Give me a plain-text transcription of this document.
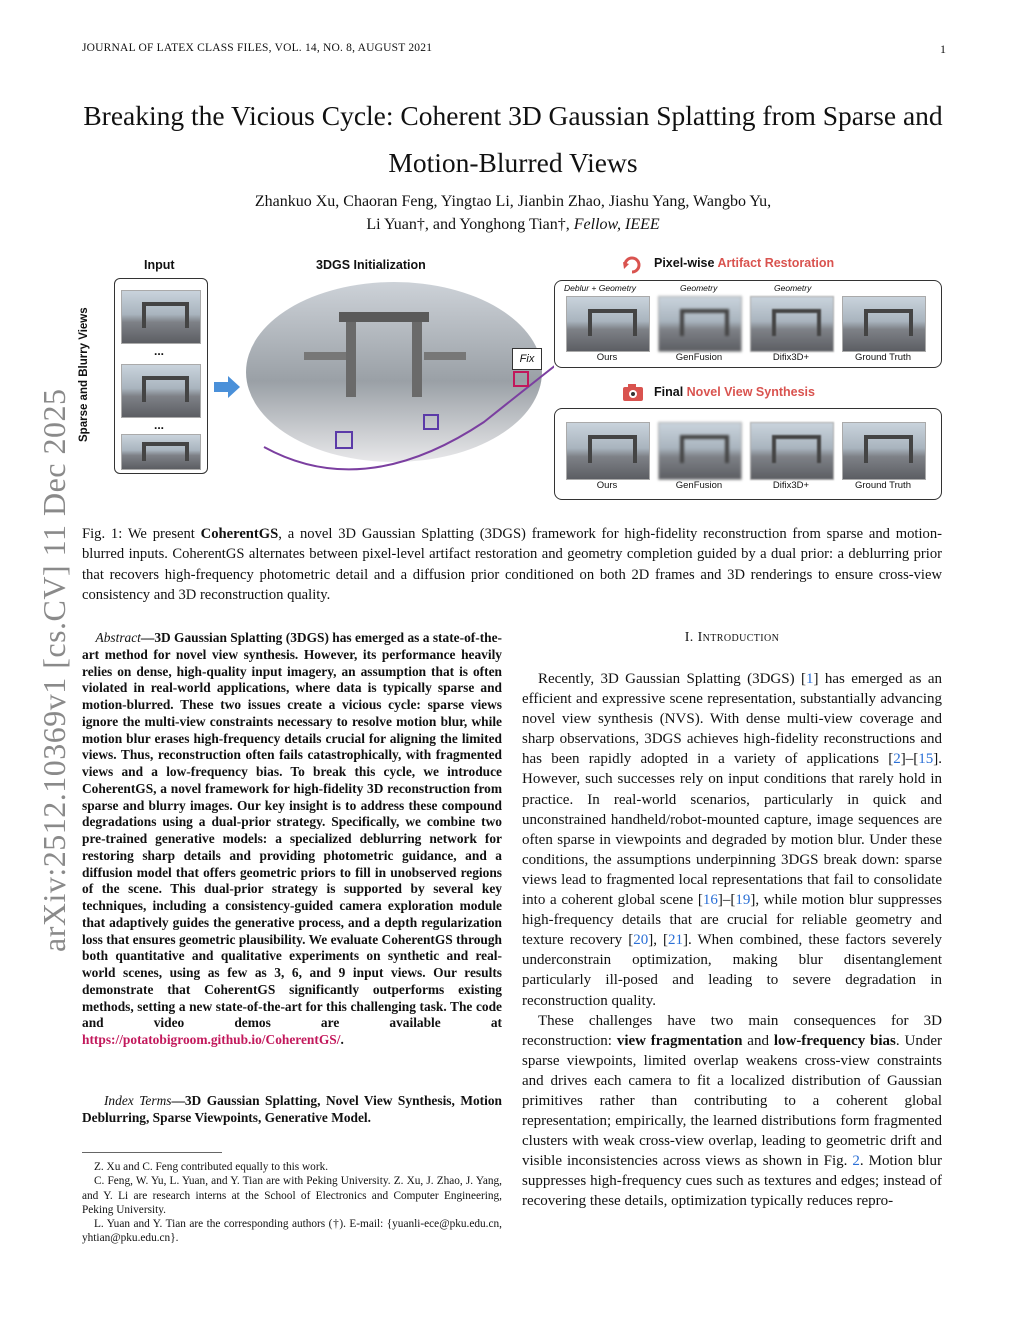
JOURNAL OF LATEX CLASS FILES, VOL. 14, NO. 8, AUGUST 2021	1
arXiv:2512.10369v1 [cs.CV] 11 Dec 2025
Breaking the Vicious Cycle: Coherent 3D Gaussian Splatting from Sparse and Motion-Blurred Views
Zhankuo Xu, Chaoran Feng, Yingtao Li, Jianbin Zhao, Jiashu Yang, Wangbo Yu,
Li Yuan†, and Yonghong Tian†, Fellow, IEEE
Input	3DGS Initialization
Sparse and Blurry Views	...
...
Fix
Pixel-wise Artifact Restoration
Deblur + Geometry	Geometry	Geometry
Ours	GenFusion	Difix3D+	Ground Truth
Final Novel View Synthesis
Ours	GenFusion	Difix3D+	Ground Truth
Fig. 1: We present CoherentGS, a novel 3D Gaussian Splatting (3DGS) framework for high-fidelity reconstruction from sparse and motion-blurred inputs. CoherentGS alternates between pixel-level artifact restoration and geometry completion guided by a dual prior: a deblurring prior that recovers high-frequency photometric detail and a diffusion prior conditioned on both 2D frames and 3D renderings to ensure cross-view consistency and 3D reconstruction quality.
Abstract—3D Gaussian Splatting (3DGS) has emerged as a state-of-the-art method for novel view synthesis. However, its performance heavily relies on dense, high-quality input imagery, an assumption that is often violated in real-world applications, where data is typically sparse and motion-blurred. These two issues create a vicious cycle: sparse views ignore the multi-view constraints necessary to resolve motion blur, while motion blur erases high-frequency details crucial for aligning the limited views. Thus, reconstruction often fails catastrophically, with fragmented views and a low-frequency bias. To break this cycle, we introduce CoherentGS, a novel framework for high-fidelity 3D reconstruction from sparse and blurry images. Our key insight is to address these compound degradations using a dual-prior strategy. Specifically, we combine two pre-trained generative models: a specialized deblurring network for restoring sharp details and providing photometric guidance, and a diffusion model that offers geometric priors to fill in unobserved regions of the scene. This dual-prior strategy is supported by several key techniques, including a consistency-guided camera exploration module that adaptively guides the generative process, and a depth regularization loss that ensures geometric plausibility. We evaluate CoherentGS through both quantitative and qualitative experiments on synthetic and real-world scenes, using as few as 3, 6, and 9 input views. Our results demonstrate that CoherentGS significantly outperforms existing methods, setting a new state-of-the-art for this challenging task. The code and video demos are available at https://potatobigroom.github.io/CoherentGS/.
Index Terms—3D Gaussian Splatting, Novel View Synthesis, Motion Deblurring, Sparse Viewpoints, Generative Model.

Z. Xu and C. Feng contributed equally to this work.

C. Feng, W. Yu, L. Yuan, and Y. Tian are with Peking University. Z. Xu, J. Zhao, J. Yang, and Y. Li are research interns at the School of Electronics and Computer Engineering, Peking University.

L. Yuan and Y. Tian are the corresponding authors (†). E-mail: {yuanli-ece@pku.edu.cn, yhtian@pku.edu.cn}.

I. Introduction

Recently, 3D Gaussian Splatting (3DGS) [1] has emerged as an efficient and expressive scene representation, substantially advancing novel view synthesis (NVS). With dense multi-view coverage and sharp observations, 3DGS achieves high-fidelity reconstructions and has been rapidly adopted in a variety of applications [2]–[15]. However, such successes rely on input conditions that rarely hold in practice. In real-world scenarios, particularly in quick and unconstrained handheld/robot-mounted capture, image sequences are often sparse in viewpoints and degraded by motion blur. Under these conditions, the assumptions underpinning 3DGS break down: sparse views lead to fragmented local representations that fail to consolidate into a coherent global scene [16]–[19], while motion blur suppresses high-frequency details that are crucial for reliable geometry and texture recovery [20], [21]. When combined, these factors severely underconstrain optimization, making blur disentanglement particularly ill-posed and leading to severe degradation in reconstruction quality.

These challenges have two main consequences for 3D reconstruction: view fragmentation and low-frequency bias. Under sparse viewpoints, limited overlap weakens cross-view constraints and drives each camera to fit a localized distribution of Gaussian primitives rather than contributing to a coherent global representation; empirically, the learned distributions form fragmented clusters with weak cross-view overlap, leading to geometric drift and visible inconsistencies across views as shown in Fig. 2. Motion blur suppresses high-frequency cues such as textures and edges; instead of recovering these details, optimization typically reduces repro-
